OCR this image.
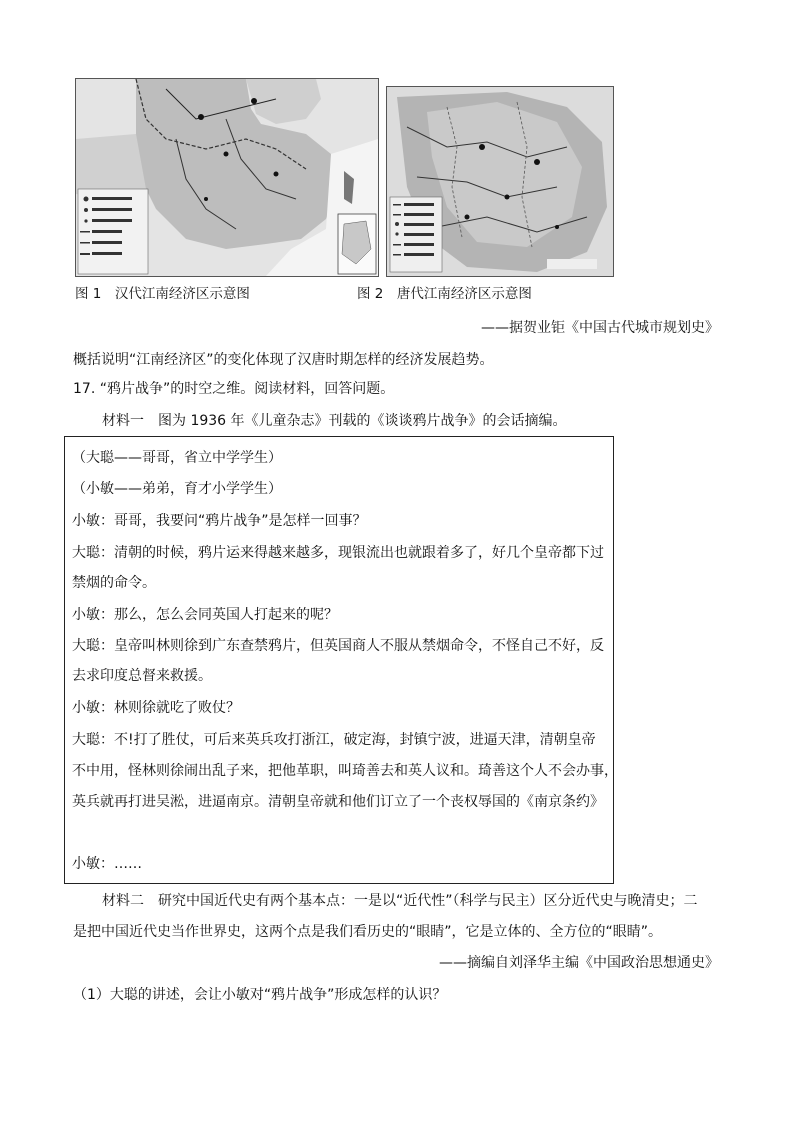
图 1　汉代江南经济区示意图	图 2　唐代江南经济区示意图
——据贺业钜《中国古代城市规划史》
概括说明“江南经济区”的变化体现了汉唐时期怎样的经济发展趋势。
17. “鸦片战争”的时空之维。阅读材料，回答问题。
材料一　图为 1936 年《儿童杂志》刊载的《谈谈鸦片战争》的会话摘编。
（大聪——哥哥，省立中学学生）
（小敏——弟弟，育才小学学生）
小敏：哥哥，我要问“鸦片战争”是怎样一回事？
大聪：清朝的时候，鸦片运来得越来越多，现银流出也就跟着多了，好几个皇帝都下过
禁烟的命令。
小敏：那么，怎么会同英国人打起来的呢？
大聪：皇帝叫林则徐到广东查禁鸦片，但英国商人不服从禁烟命令，不怪自己不好，反
去求印度总督来救援。
小敏：林则徐就吃了败仗？
大聪：不!打了胜仗，可后来英兵攻打浙江，破定海，封镇宁波，进逼天津，清朝皇帝
不中用，怪林则徐闹出乱子来，把他革职，叫琦善去和英人议和。琦善这个人不会办事，
英兵就再打进吴淞，进逼南京。清朝皇帝就和他们订立了一个丧权辱国的《南京条约》
小敏：……
材料二　研究中国近代史有两个基本点：一是以“近代性”（科学与民主）区分近代史与晚清史；二
是把中国近代史当作世界史，这两个点是我们看历史的“眼睛”，它是立体的、全方位的“眼睛”。
——摘编自刘泽华主编《中国政治思想通史》
（1）大聪的讲述，会让小敏对“鸦片战争”形成怎样的认识？
